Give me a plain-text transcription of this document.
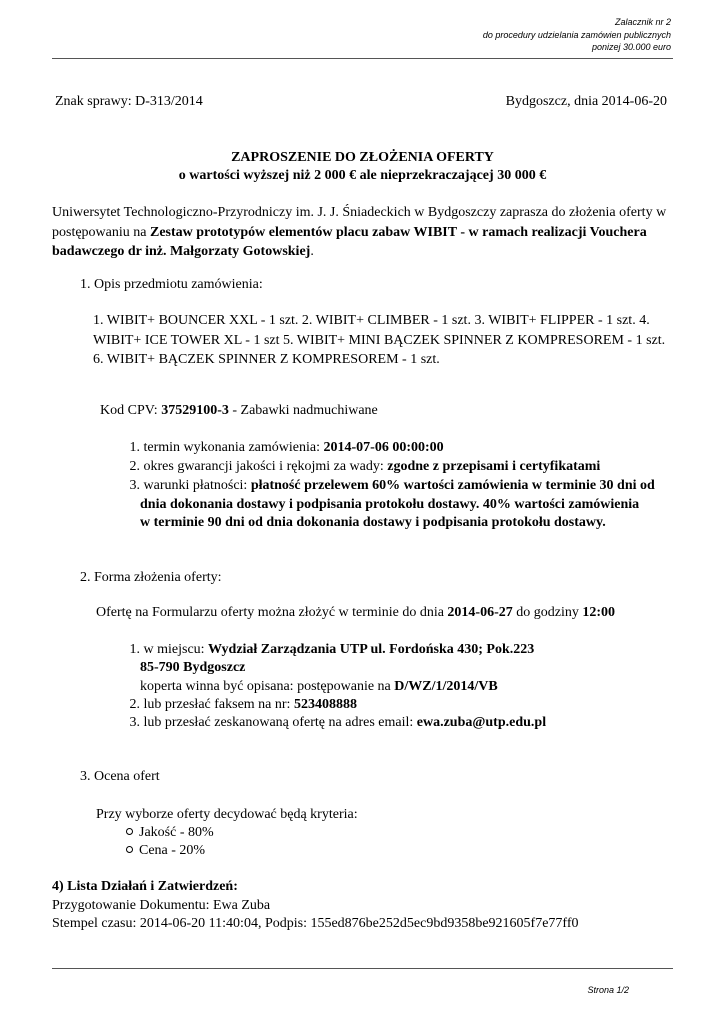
Zalacznik nr 2
do procedury udzielania zamówien publicznych
ponizej 30.000 euro
Znak sprawy: D-313/2014	Bydgoszcz, dnia 2014-06-20
ZAPROSZENIE DO ZŁOŻENIA OFERTY
o wartości wyższej niż 2 000 € ale nieprzekraczającej 30 000 €
Uniwersytet Technologiczno-Przyrodniczy im. J. J. Śniadeckich w Bydgoszczy zaprasza do złożenia oferty w postępowaniu na Zestaw prototypów elementów placu zabaw WIBIT - w ramach realizacji Vouchera badawczego dr inż. Małgorzaty Gotowskiej.
1. Opis przedmiotu zamówienia:
1. WIBIT+ BOUNCER XXL - 1 szt. 2. WIBIT+ CLIMBER - 1 szt. 3. WIBIT+ FLIPPER - 1 szt. 4. WIBIT+ ICE TOWER XL - 1 szt 5. WIBIT+ MINI BĄCZEK SPINNER Z KOMPRESOREM - 1 szt. 6. WIBIT+ BĄCZEK SPINNER Z KOMPRESOREM - 1 szt.
Kod CPV: 37529100-3 - Zabawki nadmuchiwane
1. termin wykonania zamówienia: 2014-07-06 00:00:00
2. okres gwarancji jakości i rękojmi za wady: zgodne z przepisami i certyfikatami
3. warunki płatności: płatność przelewem 60% wartości zamówienia w terminie 30 dni od
dnia dokonania dostawy i podpisania protokołu dostawy. 40% wartości zamówienia
w terminie 90 dni od dnia dokonania dostawy i podpisania protokołu dostawy.
2. Forma złożenia oferty:
Ofertę na Formularzu oferty można złożyć w terminie do dnia 2014-06-27 do godziny 12:00
1. w miejscu: Wydział Zarządzania UTP ul. Fordońska 430; Pok.223
85-790 Bydgoszcz
koperta winna być opisana: postępowanie na D/WZ/1/2014/VB
2. lub przesłać faksem na nr: 523408888
3. lub przesłać zeskanowaną ofertę na adres email: ewa.zuba@utp.edu.pl
3. Ocena ofert
Przy wyborze oferty decydować będą kryteria:
Jakość - 80%
Cena - 20%
4) Lista Działań i Zatwierdzeń:
Przygotowanie Dokumentu: Ewa Zuba
Stempel czasu: 2014-06-20 11:40:04, Podpis: 155ed876be252d5ec9bd9358be921605f7e77ff0
Strona 1/2
